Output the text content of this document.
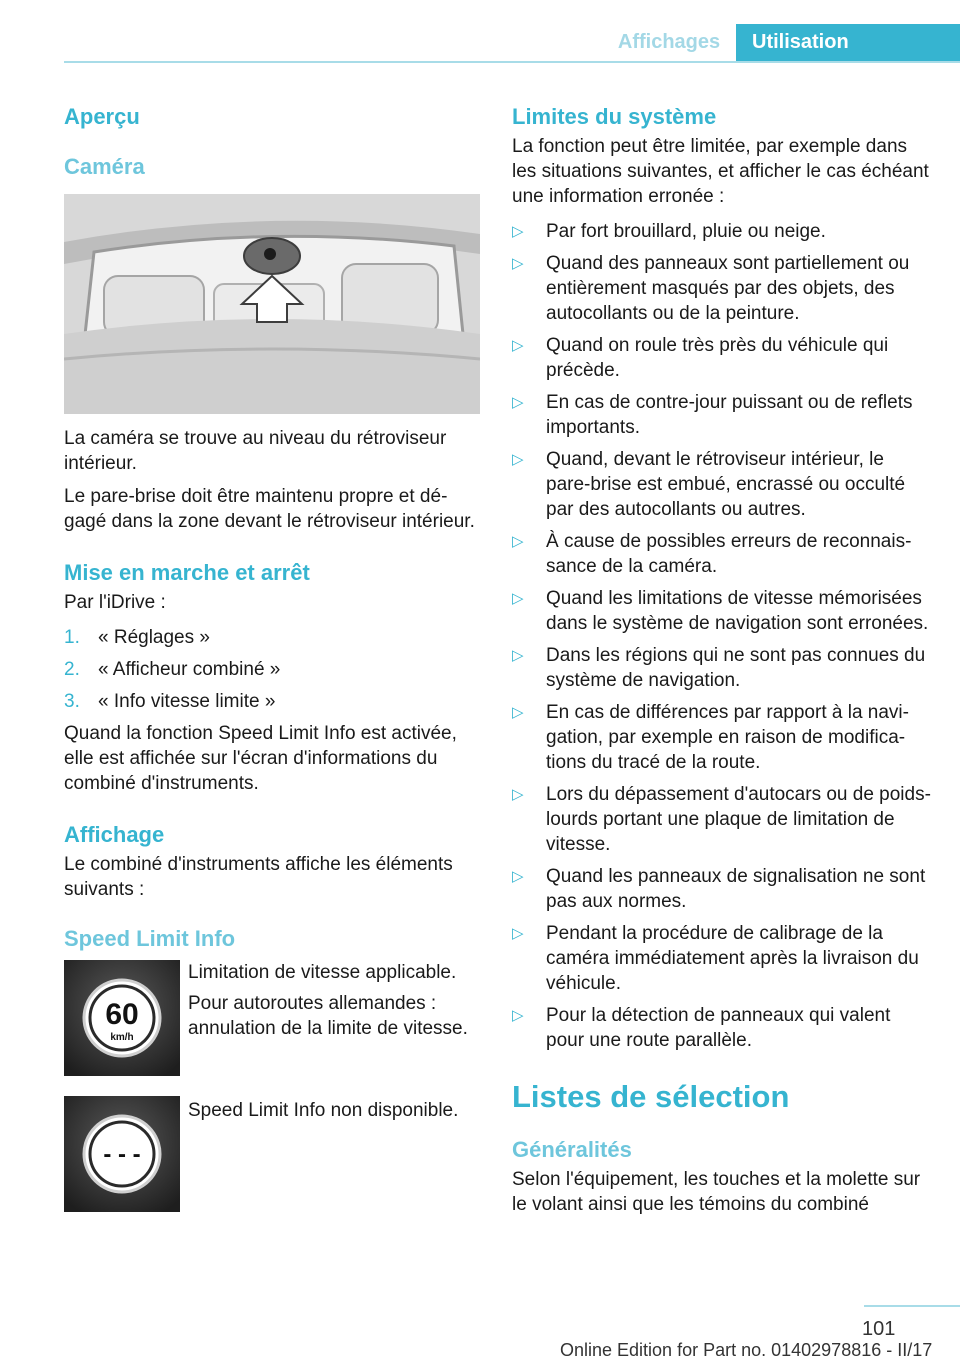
Affichages	Utilisation
Aperçu
Caméra

La caméra se trouve au niveau du rétroviseur intérieur.

Le pare-brise doit être maintenu propre et dégagé dans la zone devant le rétroviseur intérieur.

Mise en marche et arrêt

Par l'iDrive :

1. « Réglages »
2. « Afficheur combiné »
3. « Info vitesse limite »

Quand la fonction Speed Limit Info est activée, elle est affichée sur l'écran d'informations du combiné d'instruments.

Affichage

Le combiné d'instruments affiche les éléments suivants :

Speed Limit Info
60
km/h

Limitation de vitesse applicable.

Pour autoroutes allemandes : annulation de la limite de vitesse.

- - -

Speed Limit Info non disponible.

Limites du système

La fonction peut être limitée, par exemple dans les situations suivantes, et afficher le cas échéant une information erronée :

▷ Par fort brouillard, pluie ou neige.
▷ Quand des panneaux sont partiellement ou entièrement masqués par des objets, des autocollants ou de la peinture.
▷ Quand on roule très près du véhicule qui précède.
▷ En cas de contre-jour puissant ou de reflets importants.
▷ Quand, devant le rétroviseur intérieur, le pare-brise est embué, encrassé ou occulté par des autocollants ou autres.
▷ À cause de possibles erreurs de reconnaissance de la caméra.
▷ Quand les limitations de vitesse mémorisées dans le système de navigation sont erronées.
▷ Dans les régions qui ne sont pas connues du système de navigation.
▷ En cas de différences par rapport à la navigation, par exemple en raison de modifications du tracé de la route.
▷ Lors du dépassement d'autocars ou de poids-lourds portant une plaque de limitation de vitesse.
▷ Quand les panneaux de signalisation ne sont pas aux normes.
▷ Pendant la procédure de calibrage de la caméra immédiatement après la livraison du véhicule.
▷ Pour la détection de panneaux qui valent pour une route parallèle.
Listes de sélection
Généralités

Selon l'équipement, les touches et la molette sur le volant ainsi que les témoins du combiné

101
Online Edition for Part no. 01402978816 - II/17
